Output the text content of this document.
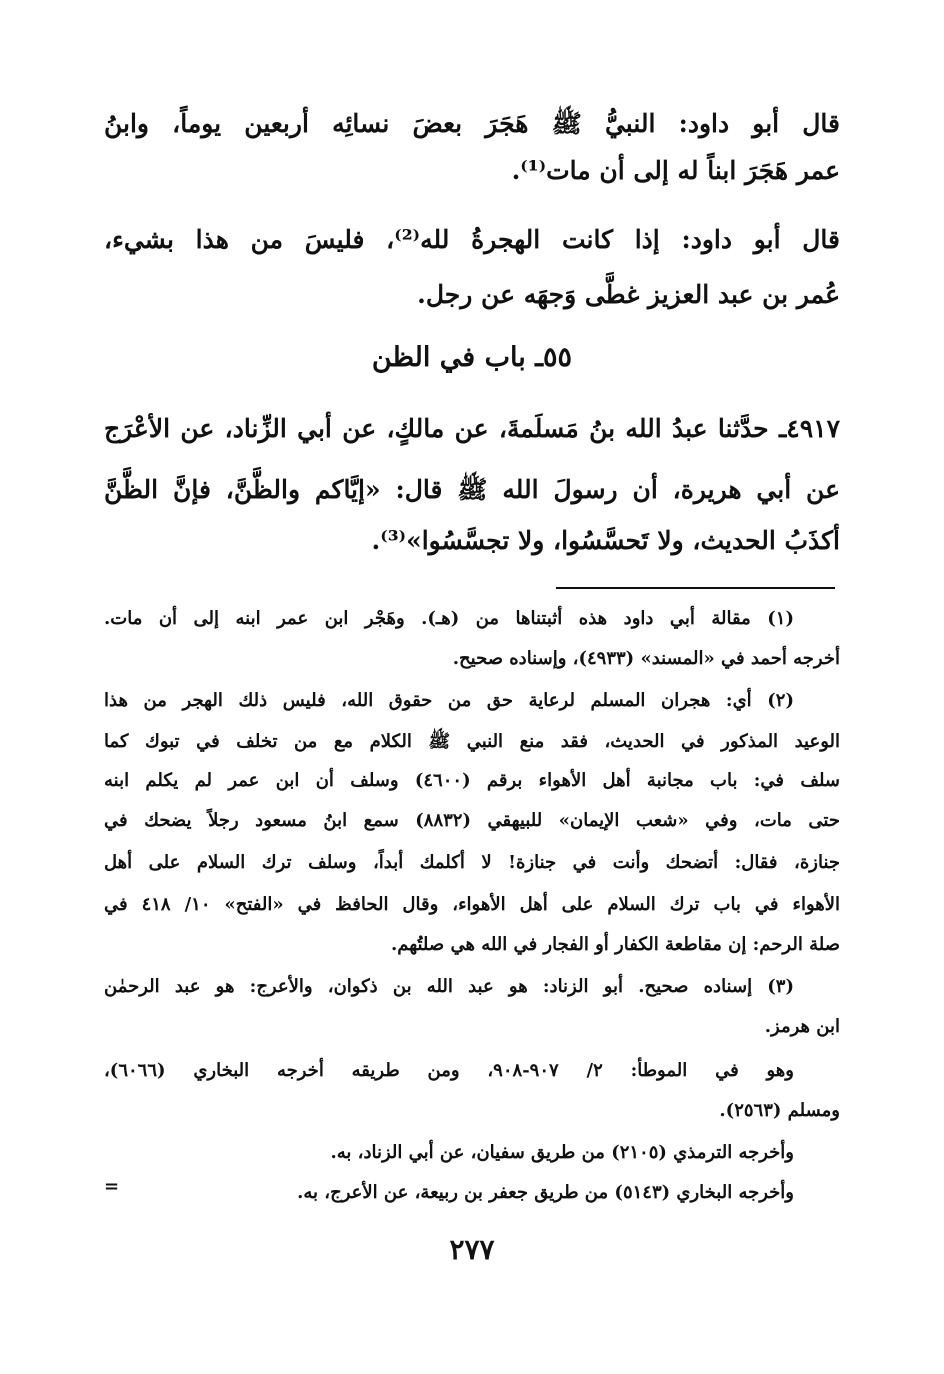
قال أبو داود: النبيُّ ﷺ هَجَرَ بعضَ نسائِه أربعين يوماً، وابنُ
عمر هَجَرَ ابناً له إلى أن مات⁽¹⁾.
قال أبو داود: إذا كانت الهجرةُ لله⁽²⁾، فليسَ من هذا بشيء،
عُمر بن عبد العزيز غطَّى وَجهَه عن رجل.
٥٥ـ باب في الظن
٤٩١٧ـ حدَّثنا عبدُ الله بنُ مَسلَمةَ، عن مالكٍ، عن أبي الزِّناد، عن الأعْرَج
عن أبي هريرة، أن رسولَ الله ﷺ قال: «إيَّاكم والظَّنَّ، فإنَّ الظَّنَّ
أكذَبُ الحديث، ولا تَحسَّسُوا، ولا تجسَّسُوا»⁽³⁾.
(١) مقالة أبي داود هذه أثبتناها من (هـ). وهَجْر ابن عمر ابنه إلى أن مات.
أخرجه أحمد في «المسند» (٤٩٣٣)، وإسناده صحيح.
(٢) أي: هجران المسلم لرعاية حق من حقوق الله، فليس ذلك الهجر من هذا
الوعيد المذكور في الحديث، فقد منع النبي ﷺ الكلام مع من تخلف في تبوك كما
سلف في: باب مجانبة أهل الأهواء برقم (٤٦٠٠) وسلف أن ابن عمر لم يكلم ابنه
حتى مات، وفي «شعب الإيمان» للبيهقي (٨٨٣٢) سمع ابنُ مسعود رجلاً يضحك في
جنازة، فقال: أتضحك وأنت في جنازة! لا أكلمك أبداً، وسلف ترك السلام على أهل
الأهواء في باب ترك السلام على أهل الأهواء، وقال الحافظ في «الفتح» ١٠/ ٤١٨ في
صلة الرحم: إن مقاطعة الكفار أو الفجار في الله هي صلتُهم.
(٣) إسناده صحيح. أبو الزناد: هو عبد الله بن ذكوان، والأعرج: هو عبد الرحمٰن
ابن هرمز.
وهو في الموطأ: ٢/ ٩٠٧-٩٠٨، ومن طريقه أخرجه البخاري (٦٠٦٦)،
ومسلم (٢٥٦٣).
وأخرجه الترمذي (٢١٠٥) من طريق سفيان، عن أبي الزناد، به.
وأخرجه البخاري (٥١٤٣) من طريق جعفر بن ربيعة، عن الأعرج، به.
=
٢٧٧
